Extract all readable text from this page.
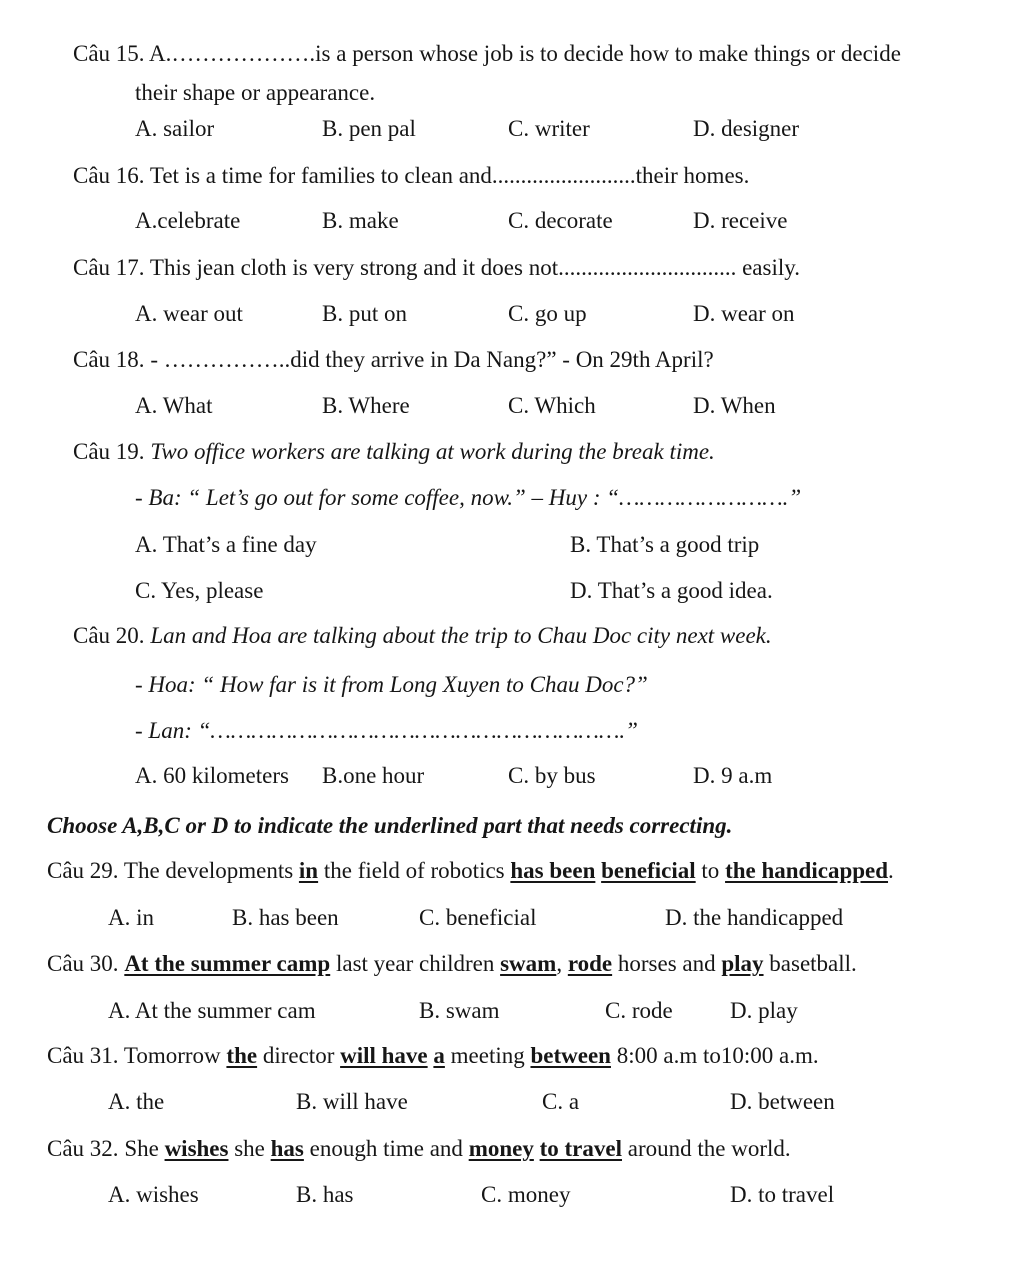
Câu 15. A.……………….is a person whose job is to decide how to make things or decide
their shape or appearance.
A. sailor	B. pen pal	C. writer	D. designer
Câu 16. Tet is a time for families to clean and.........................their homes.
A.celebrate	B. make	C. decorate	D. receive
Câu 17. This jean cloth is very strong and it does not............................... easily.
A. wear out	B. put on	C. go up	D. wear on
Câu 18. - ……………..did they arrive in Da Nang?” - On 29th April?
A. What	B. Where	C. Which	D. When
Câu 19. Two office workers are talking at work during the break time.
- Ba: “ Let’s go out for some coffee, now.” – Huy : “…………………….”
A. That’s a fine day	B. That’s a good trip
C. Yes, please	D. That’s a good idea.
Câu 20. Lan and Hoa are talking about the trip to Chau Doc city next week.
- Hoa: “ How far is it from Long Xuyen to Chau Doc?”
- Lan: “…………………………………………………….”
A. 60 kilometers B.one hour	C. by bus	D. 9 a.m
Choose A,B,C or D to indicate the underlined part that needs correcting.
Câu 29. The developments in the field of robotics has been beneficial to the handicapped.
A. in	B. has been	C. beneficial	D. the handicapped
Câu 30. At the summer camp last year children swam, rode horses and play basetball.
A. At the summer cam	B. swam	C. rode D. play
Câu 31. Tomorrow the director will have a meeting between 8:00 a.m to10:00 a.m.
A. the	B. will have	C. a	D. between
Câu 32. She wishes she has enough time and money to travel around the world.
A. wishes	B. has	C. money	D. to travel
